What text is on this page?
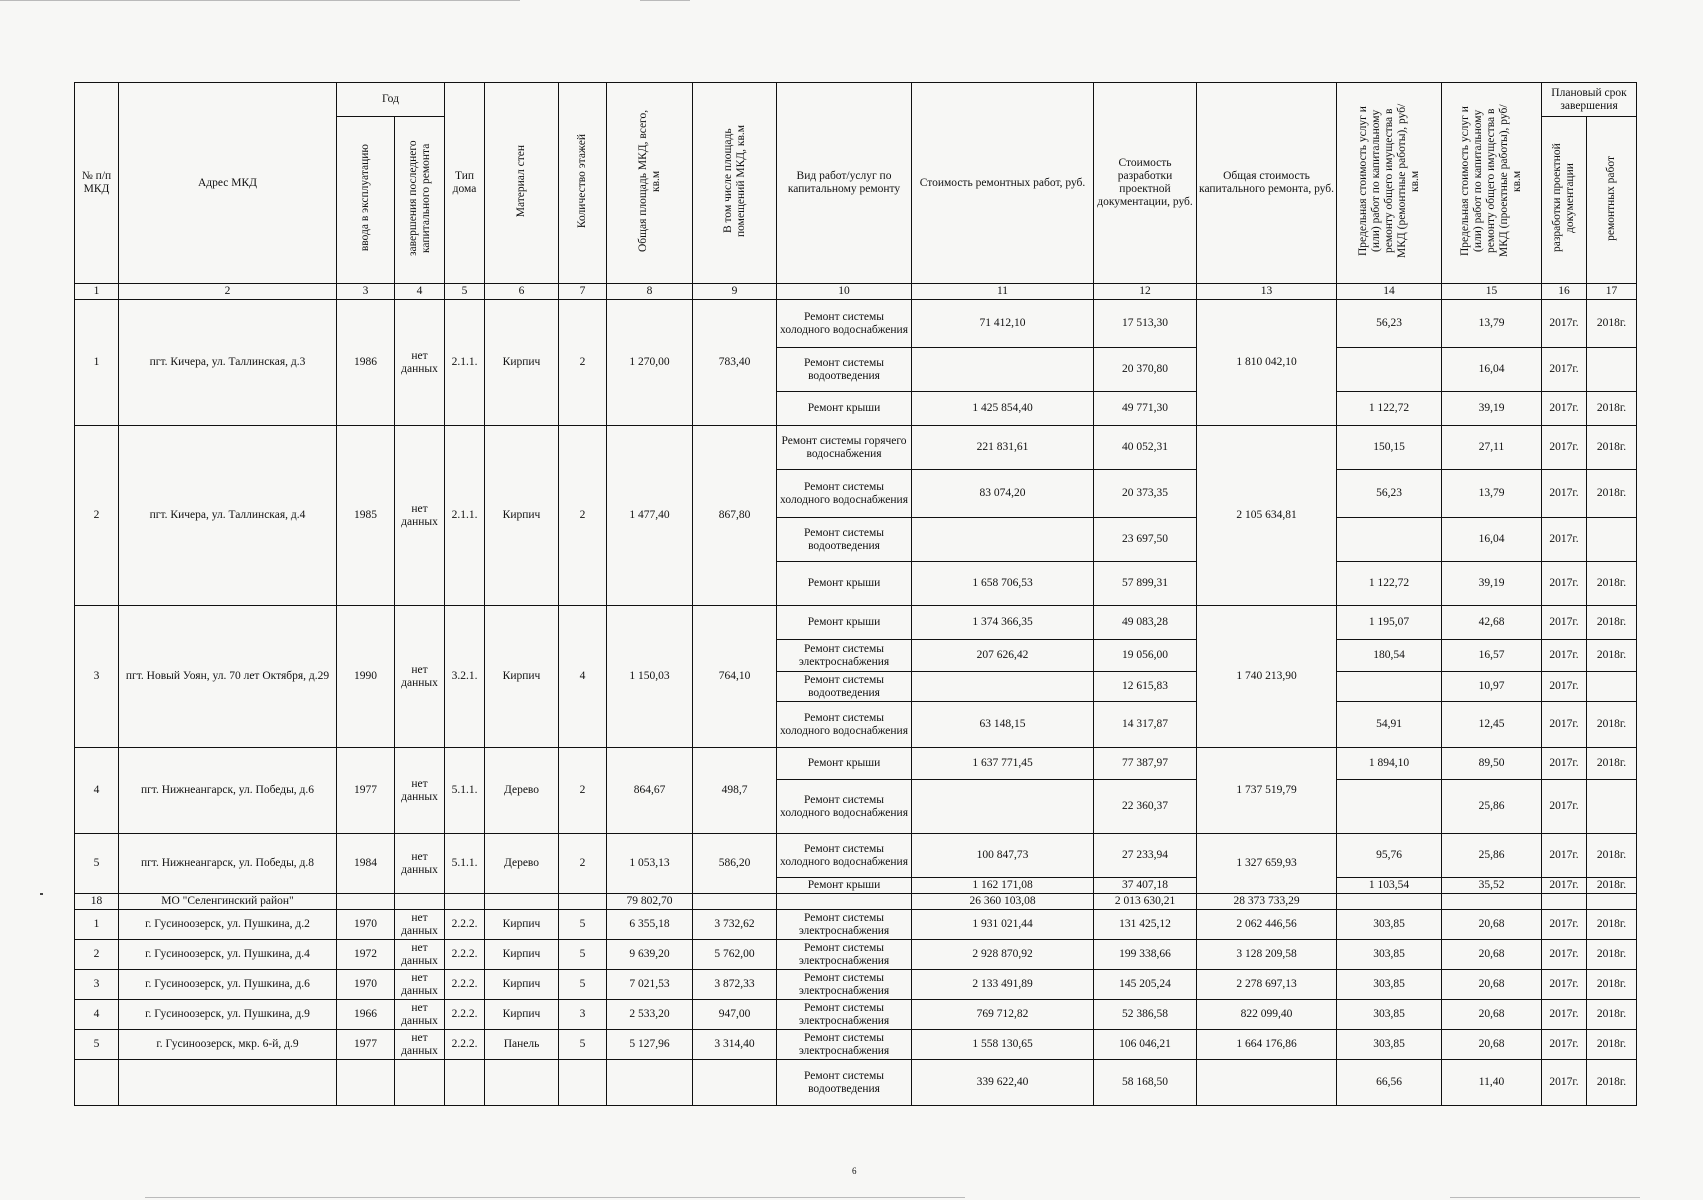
№ п/п МКД	Адрес МКД	Год		Тип дома	Материал стен	Количество этажей	Общая площадь МКД, всего, кв.м	В том числе площадь помещений МКД, кв.м	Вид работ/услуг по капитальному ремонту	Стоимость ремонтных работ, руб.	Стоимость разработки проектной документации, руб.	Общая стоимость капитального ремонта, руб.	Предельная стоимость услуг и (или) работ по капитальному ремонту общего имущества в МКД (ремонтные работы), руб/кв.м	Предельная стоимость услуг и (или) работ по капитальному ремонту общего имущества в МКД (проектные работы), руб/кв.м	Плановый срок завершения	
		ввода в эксплуатацию	завершения последнего капитального ремонта												разработки проектной документации	ремонтных работ
1	2	3	4	5	6	7	8	9	10	11	12	13	14	15	16	17
1	пгт. Кичера, ул. Таллинская, д.3	1986	нет данных	2.1.1.	Кирпич	2	1 270,00	783,40	Ремонт системы холодного водоснабжения	71 412,10	17 513,30	1 810 042,10	56,23	13,79	2017г.	2018г.
									Ремонт системы водоотведения		20 370,80			16,04	2017г.	
									Ремонт крыши	1 425 854,40	49 771,30		1 122,72	39,19	2017г.	2018г.
2	пгт. Кичера, ул. Таллинская, д.4	1985	нет данных	2.1.1.	Кирпич	2	1 477,40	867,80	Ремонт системы горячего водоснабжения	221 831,61	40 052,31	2 105 634,81	150,15	27,11	2017г.	2018г.
									Ремонт системы холодного водоснабжения	83 074,20	20 373,35		56,23	13,79	2017г.	2018г.
									Ремонт системы водоотведения		23 697,50			16,04	2017г.	
									Ремонт крыши	1 658 706,53	57 899,31		1 122,72	39,19	2017г.	2018г.
3	пгт. Новый Уоян, ул. 70 лет Октября, д.29	1990	нет данных	3.2.1.	Кирпич	4	1 150,03	764,10	Ремонт крыши	1 374 366,35	49 083,28	1 740 213,90	1 195,07	42,68	2017г.	2018г.
									Ремонт системы электроснабжения	207 626,42	19 056,00		180,54	16,57	2017г.	2018г.
									Ремонт системы водоотведения		12 615,83			10,97	2017г.	
									Ремонт системы холодного водоснабжения	63 148,15	14 317,87		54,91	12,45	2017г.	2018г.
4	пгт. Нижнеангарск, ул. Победы, д.6	1977	нет данных	5.1.1.	Дерево	2	864,67	498,7	Ремонт крыши	1 637 771,45	77 387,97	1 737 519,79	1 894,10	89,50	2017г.	2018г.
									Ремонт системы холодного водоснабжения		22 360,37			25,86	2017г.	
5	пгт. Нижнеангарск, ул. Победы, д.8	1984	нет данных	5.1.1.	Дерево	2	1 053,13	586,20	Ремонт системы холодного водоснабжения	100 847,73	27 233,94	1 327 659,93	95,76	25,86	2017г.	2018г.
									Ремонт крыши	1 162 171,08	37 407,18		1 103,54	35,52	2017г.	2018г.
18	МО "Селенгинский район"						79 802,70			26 360 103,08	2 013 630,21	28 373 733,29				
1	г. Гусиноозерск, ул. Пушкина, д.2	1970	нет данных	2.2.2.	Кирпич	5	6 355,18	3 732,62	Ремонт системы электроснабжения	1 931 021,44	131 425,12	2 062 446,56	303,85	20,68	2017г.	2018г.
2	г. Гусиноозерск, ул. Пушкина, д.4	1972	нет данных	2.2.2.	Кирпич	5	9 639,20	5 762,00	Ремонт системы электроснабжения	2 928 870,92	199 338,66	3 128 209,58	303,85	20,68	2017г.	2018г.
3	г. Гусиноозерск, ул. Пушкина, д.6	1970	нет данных	2.2.2.	Кирпич	5	7 021,53	3 872,33	Ремонт системы электроснабжения	2 133 491,89	145 205,24	2 278 697,13	303,85	20,68	2017г.	2018г.
4	г. Гусиноозерск, ул. Пушкина, д.9	1966	нет данных	2.2.2.	Кирпич	3	2 533,20	947,00	Ремонт системы электроснабжения	769 712,82	52 386,58	822 099,40	303,85	20,68	2017г.	2018г.
5	г. Гусиноозерск, мкр. 6-й, д.9	1977	нет данных	2.2.2.	Панель	5	5 127,96	3 314,40	Ремонт системы электроснабжения	1 558 130,65	106 046,21	1 664 176,86	303,85	20,68	2017г.	2018г.
									Ремонт системы водоотведения	339 622,40	58 168,50		66,56	11,40	2017г.	2018г.
6
